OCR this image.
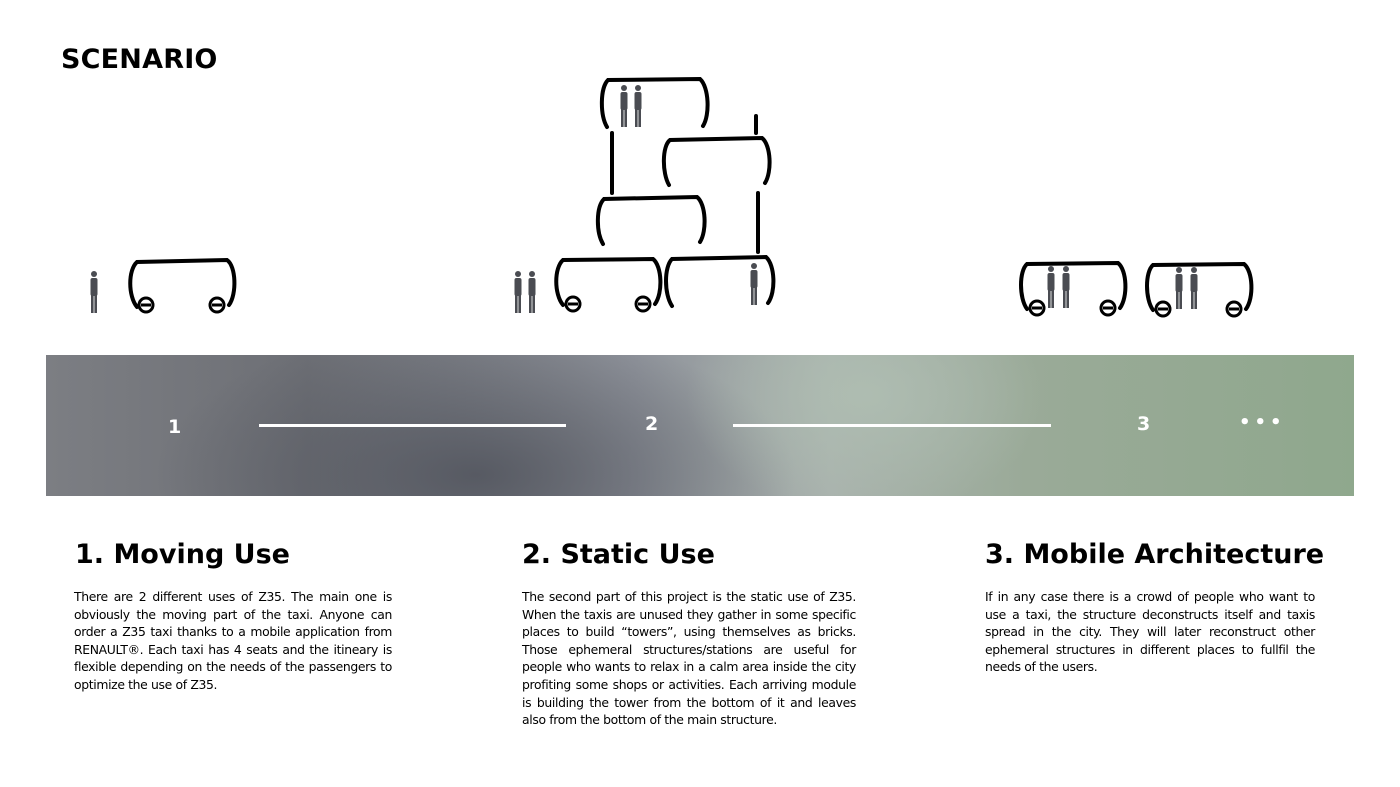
SCENARIO
1	2	3	•••
1. Moving Use
There are 2 different uses of Z35. The main one is obviously the moving part of the taxi. Anyone can order a Z35 taxi thanks to a mobile application from RENAULT®. Each taxi has 4 seats and the itineary is flexible depending on the needs of the passengers to optimize the use of Z35.
2. Static Use
The second part of this project is the static use of Z35. When the taxis are unused they gather in some specific places to build “towers”, using themselves as bricks. Those ephemeral structures/stations are useful for people who wants to relax in a calm area inside the city profiting some shops or activities. Each arriving module is building the tower from the bottom of it and leaves also from the bottom of the main structure.
3. Mobile Architecture
If in any case there is a crowd of people who want to use a taxi, the structure deconstructs itself and taxis spread in the city. They will later reconstruct other ephemeral structures in different places to fullfil the needs of the users.
